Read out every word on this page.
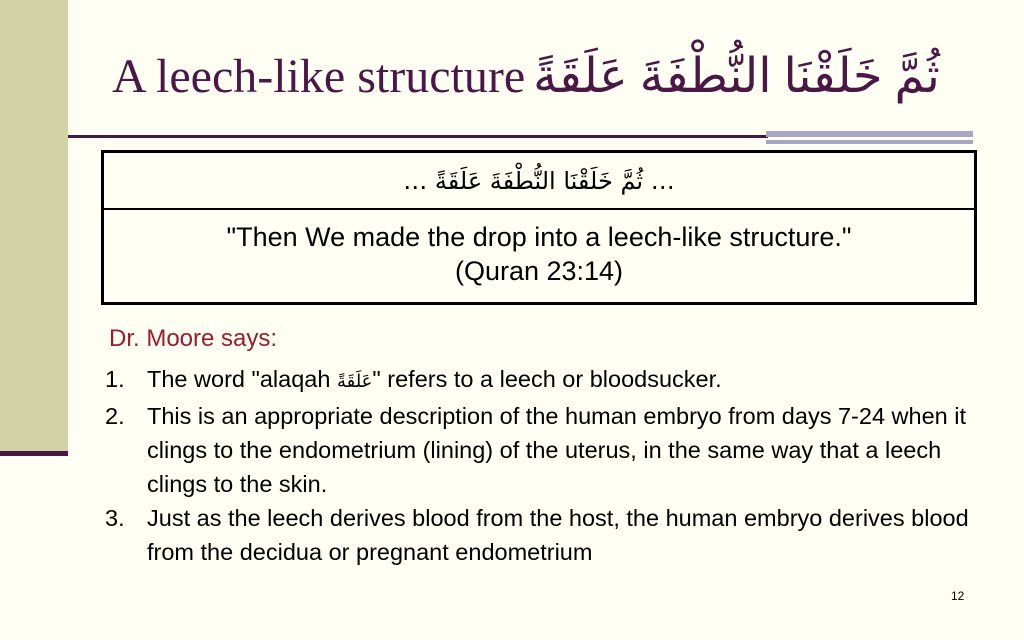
A leech-like structure ثُمَّ خَلَقْنَا النُّطْفَةَ عَلَقَةً
… ثُمَّ خَلَقْنَا النُّطْفَةَ عَلَقَةً …
"Then We made the drop into a leech-like structure."
(Quran 23:14)
Dr. Moore says:
1. The word "alaqah عَلَقَةً" refers to a leech or bloodsucker.
2. This is an appropriate description of the human embryo from days 7-24 when it clings to the endometrium (lining) of the uterus, in the same way that a leech clings to the skin.
3. Just as the leech derives blood from the host, the human embryo derives blood from the decidua or pregnant endometrium
12
